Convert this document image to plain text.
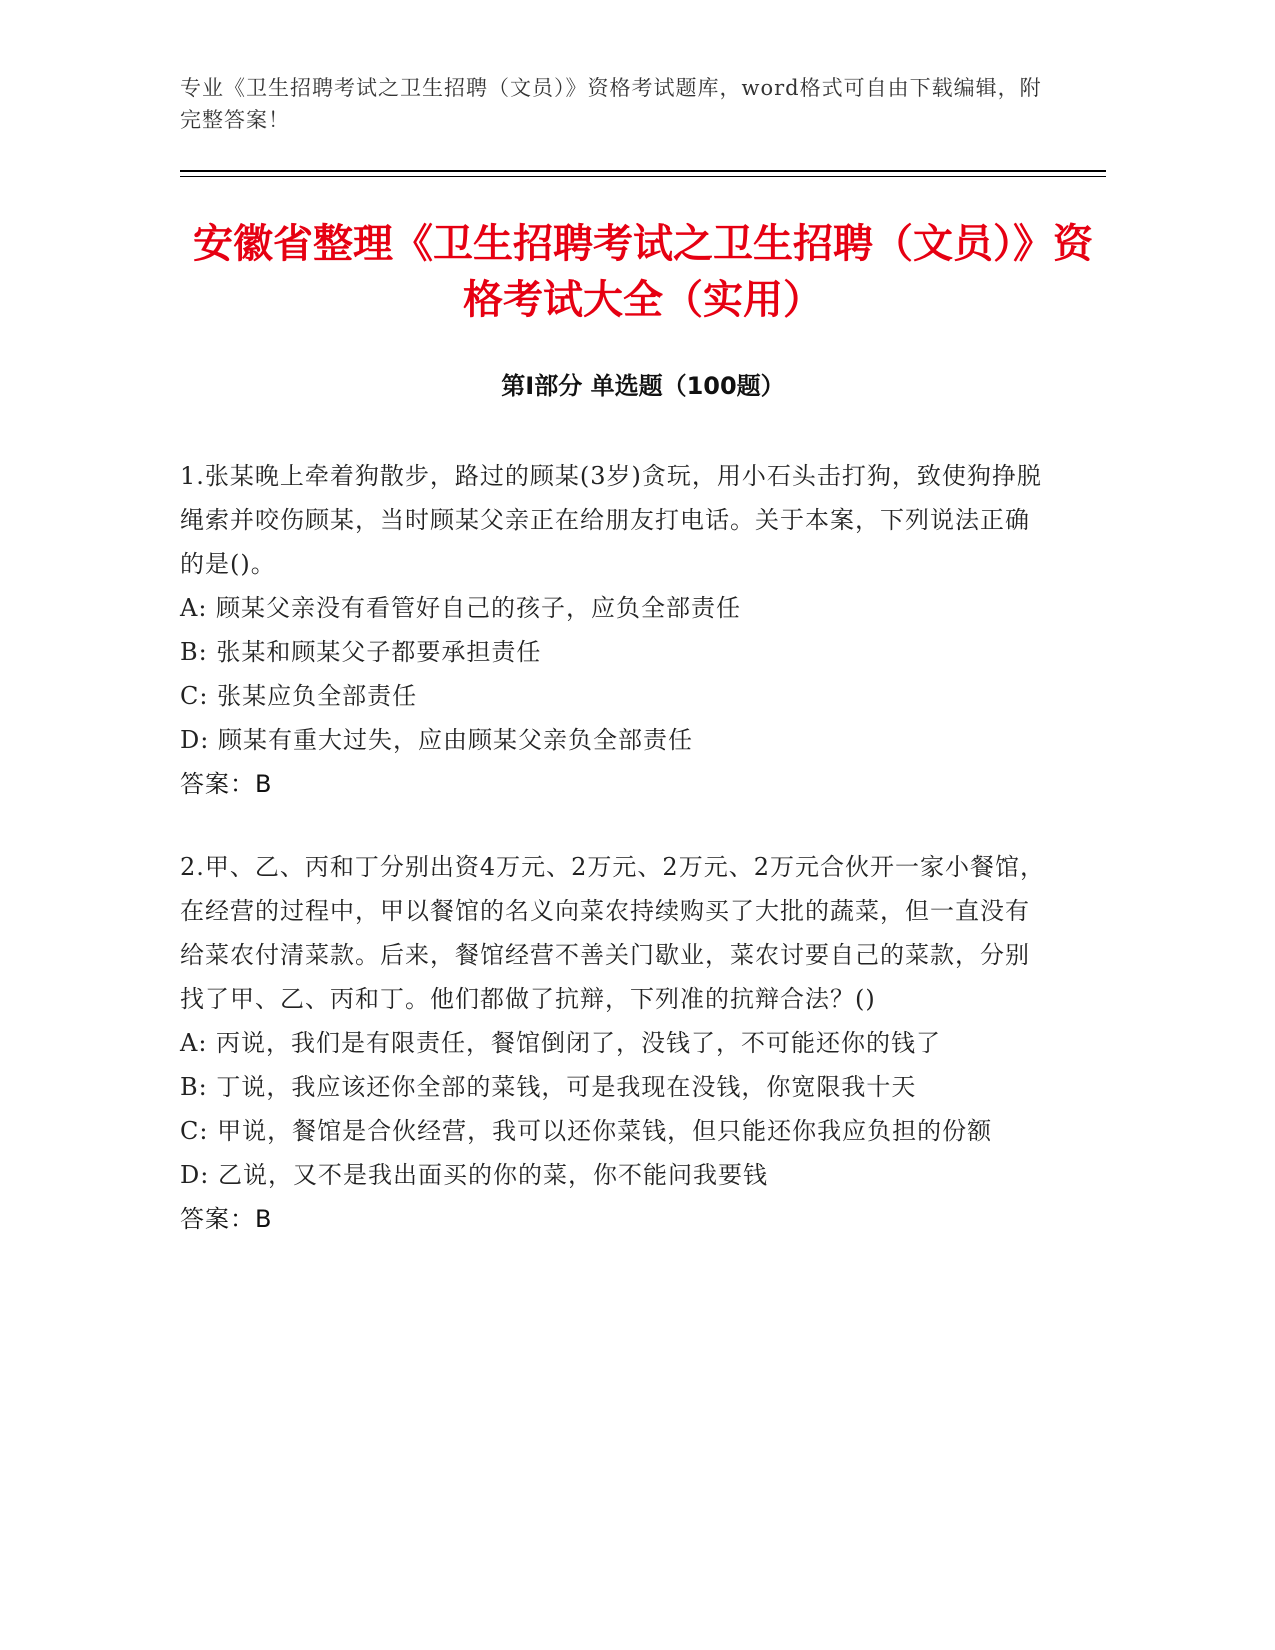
专业《卫生招聘考试之卫生招聘（文员）》资格考试题库，word格式可自由下载编辑，附完整答案！
安徽省整理《卫生招聘考试之卫生招聘（文员）》资格考试大全（实用）
第Ⅰ部分 单选题（100题）
1.张某晚上牵着狗散步，路过的顾某(3岁)贪玩，用小石头击打狗，致使狗挣脱绳索并咬伤顾某，当时顾某父亲正在给朋友打电话。关于本案，下列说法正确的是()。
A: 顾某父亲没有看管好自己的孩子，应负全部责任
B: 张某和顾某父子都要承担责任
C: 张某应负全部责任
D: 顾某有重大过失，应由顾某父亲负全部责任
答案：B
2.甲、乙、丙和丁分别出资4万元、2万元、2万元、2万元合伙开一家小餐馆，在经营的过程中，甲以餐馆的名义向菜农持续购买了大批的蔬菜，但一直没有给菜农付清菜款。后来，餐馆经营不善关门歇业，菜农讨要自己的菜款，分别找了甲、乙、丙和丁。他们都做了抗辩，下列准的抗辩合法？()
A: 丙说，我们是有限责任，餐馆倒闭了，没钱了，不可能还你的钱了
B: 丁说，我应该还你全部的菜钱，可是我现在没钱，你宽限我十天
C: 甲说，餐馆是合伙经营，我可以还你菜钱，但只能还你我应负担的份额
D: 乙说，又不是我出面买的你的菜，你不能问我要钱
答案：B
